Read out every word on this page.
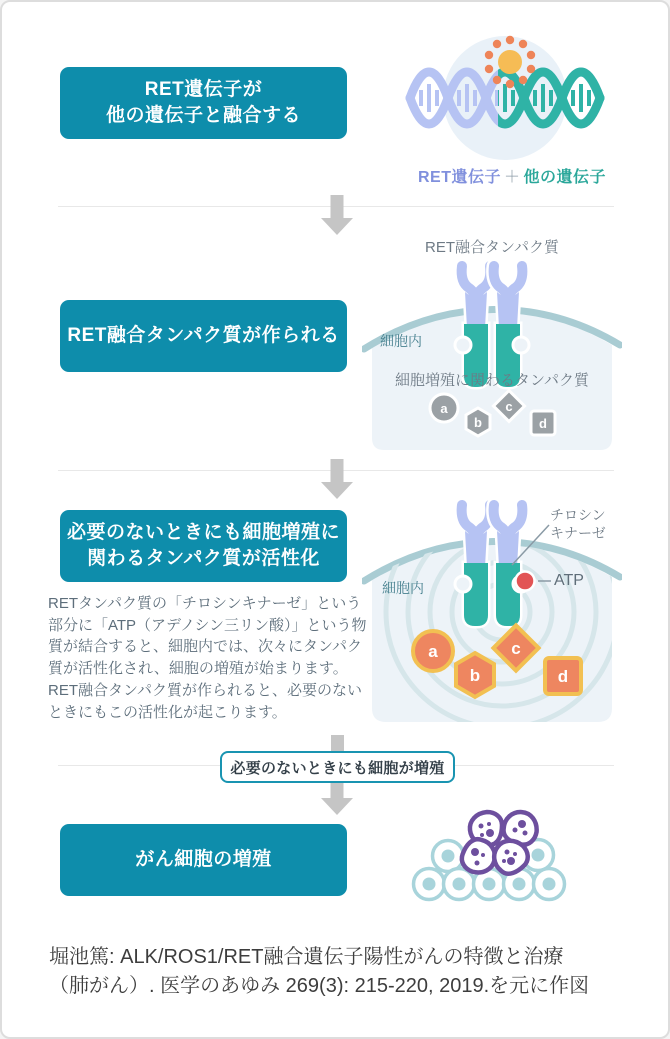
RET遺伝子が
他の遺伝子と融合する
RET遺伝子 ＋ 他の遺伝子
RET融合タンパク質
a
b
c
d
細胞内
細胞増殖に関わるタンパク質
RET融合タンパク質が作られる
必要のないときにも細胞増殖に
関わるタンパク質が活性化
RETタンパク質の「チロシンキナーゼ」という部分に「ATP（アデノシン三リン酸）」という物質が結合すると、細胞内では、次々にタンパク質が活性化され、細胞の増殖が始まります。RET融合タンパク質が作られると、必要のないときにもこの活性化が起こります。
a
b
c
d
チロシン
キナーゼ
ATP
細胞内
必要のないときにも細胞が増殖
がん細胞の増殖
堀池篤: ALK/ROS1/RET融合遺伝子陽性がんの特徴と治療
（肺がん）. 医学のあゆみ 269(3): 215-220, 2019.を元に作図
